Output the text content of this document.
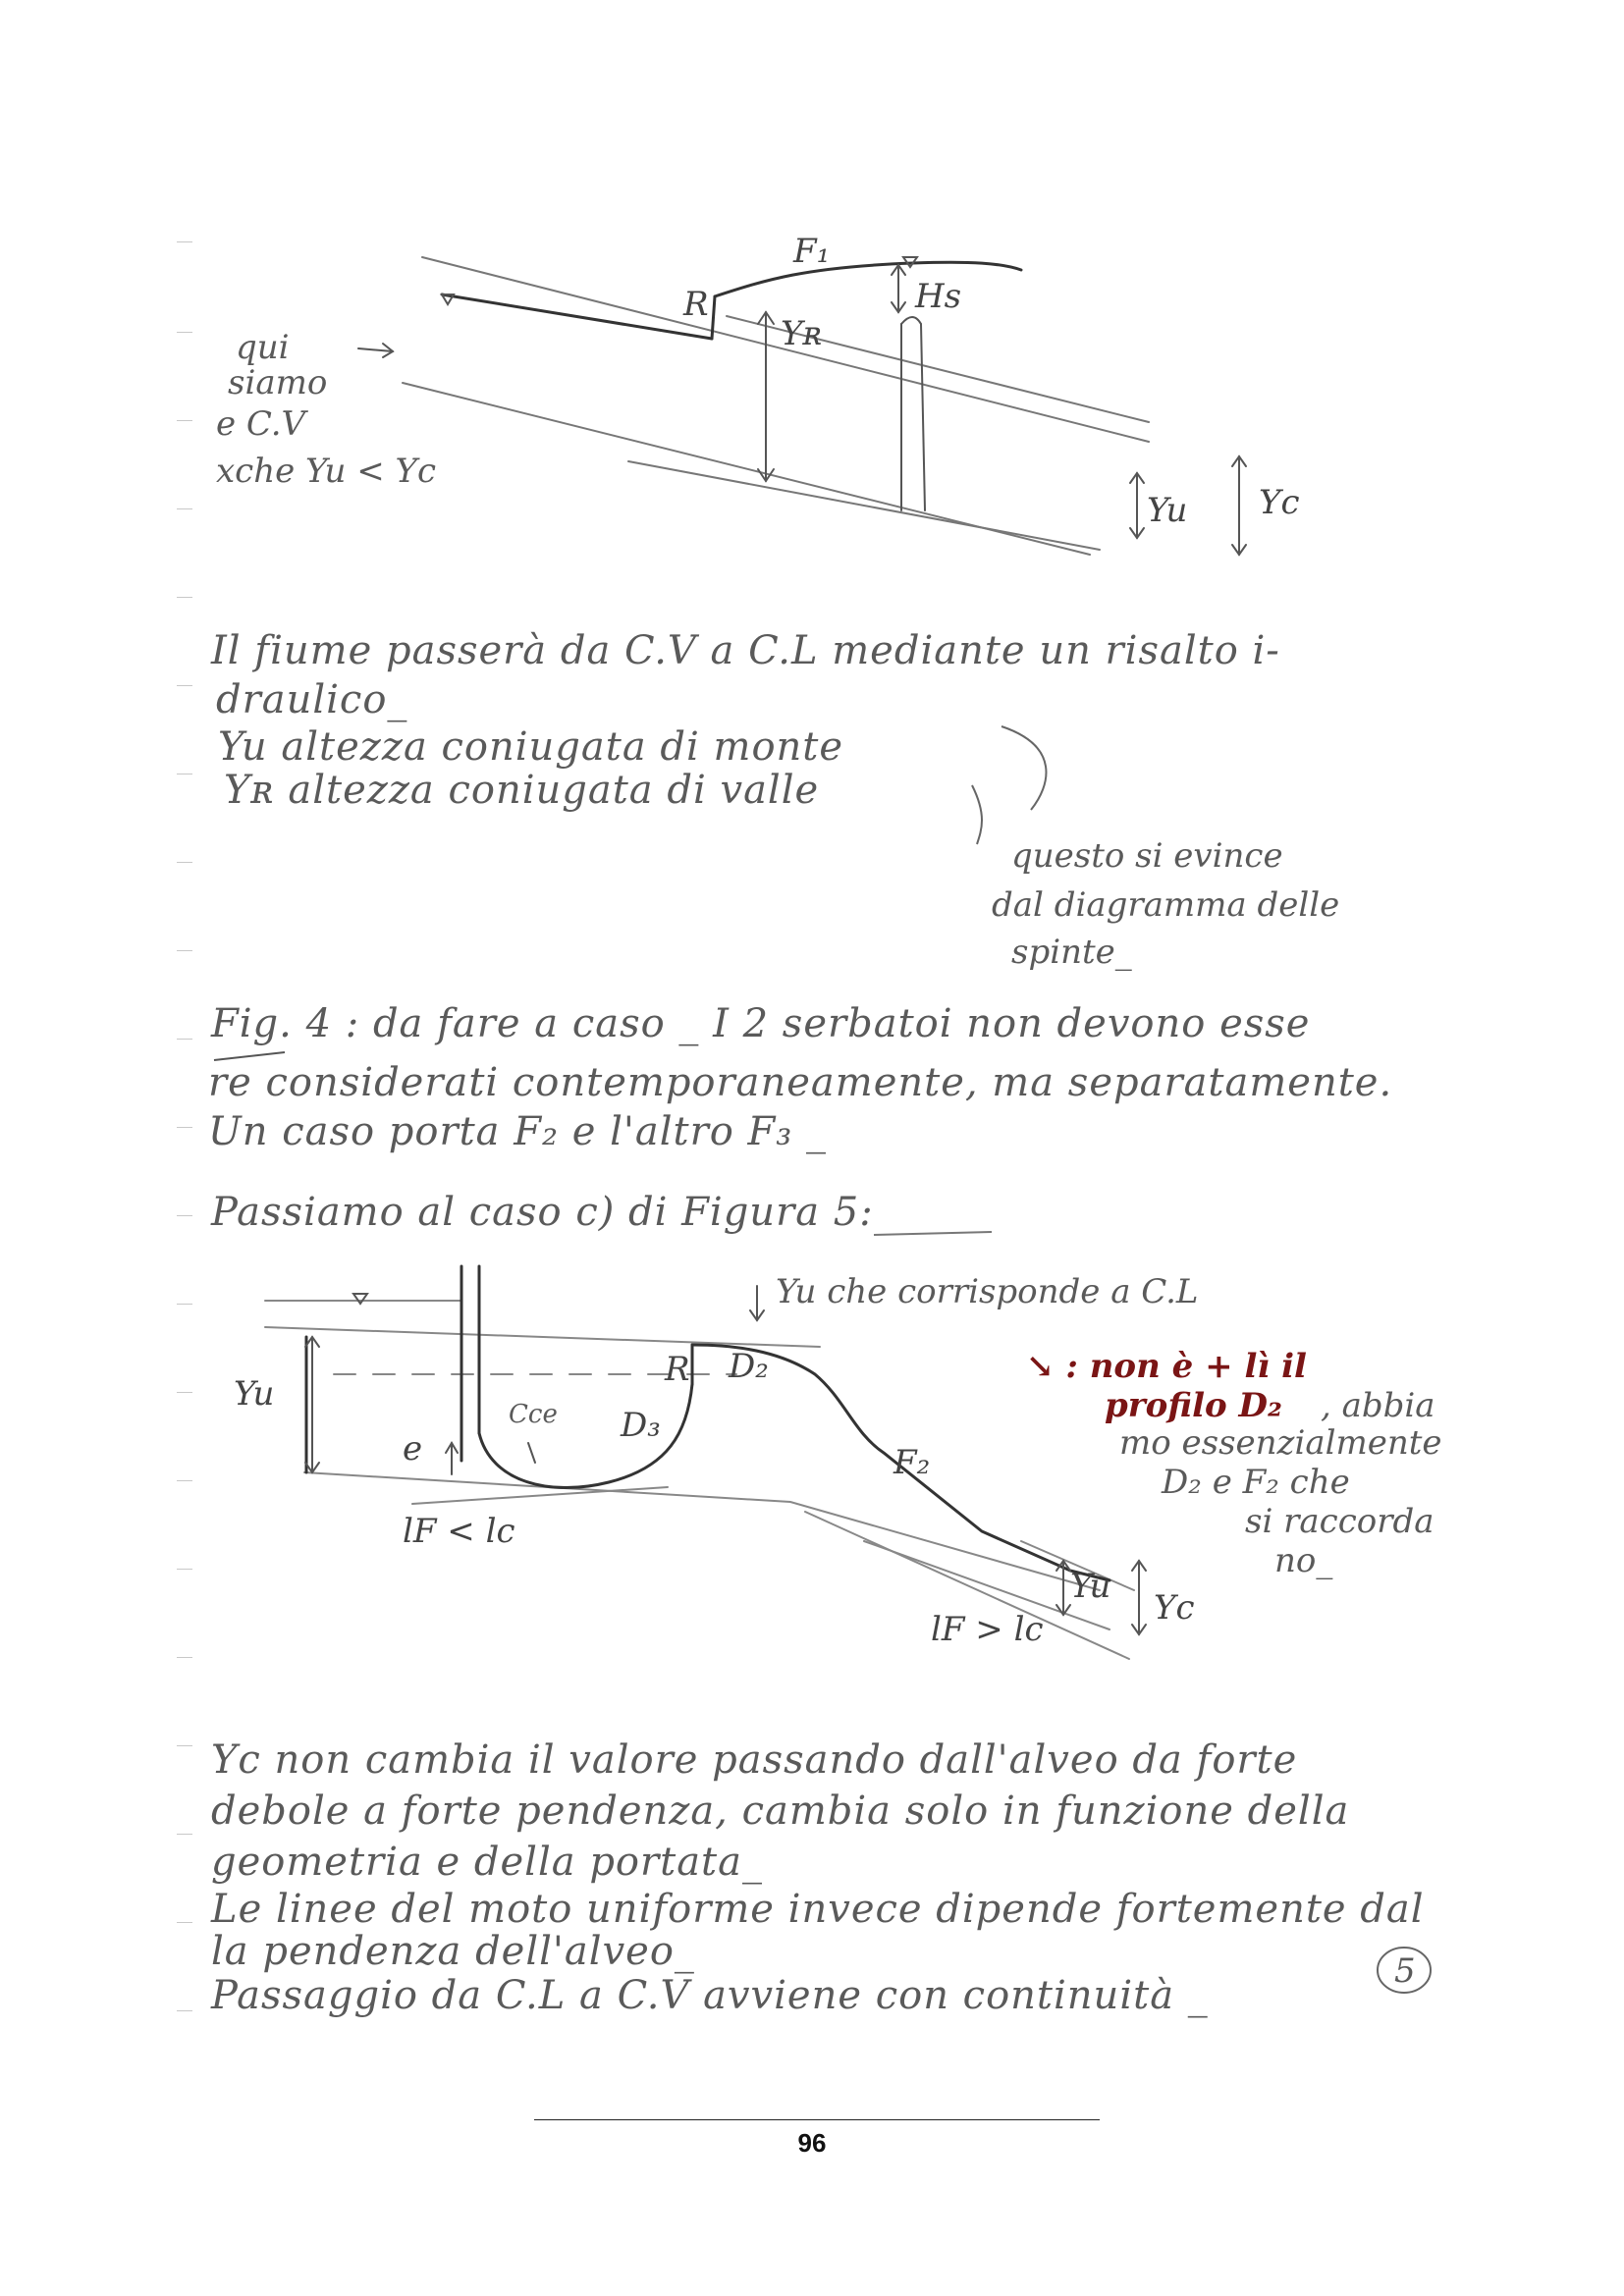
F₁
Hs
R
Yʀ
Yu Yc
qui
siamo
e C.V
xche Yu < Yc
Il fiume passerà da C.V a C.L mediante un risalto i-
draulico_
Yu altezza coniugata di monte
Yʀ altezza coniugata di valle
questo si evince
dal diagramma delle
spinte_
Fig. 4 : da fare a caso _ I 2 serbatoi non devono esse
re considerati contemporaneamente, ma separatamente.
Un caso porta F₂ e l'altro F₃ _
Passiamo al caso c) di Figura 5:
Yu
e
Cce D₃
R D₂
F₂
lF < lc
lF > lc
Yu
Yc
Yu che corrisponde a C.L
↘ : non è + lì il
profilo D₂ , abbia
mo essenzialmente
D₂ e F₂ che
si raccorda
no_
Yc non cambia il valore passando dall'alveo da forte
debole a forte pendenza, cambia solo in funzione della
geometria e della portata_
Le linee del moto uniforme invece dipende fortemente dal
la pendenza dell'alveo_
Passaggio da C.L a C.V avviene con continuità _
5
96
